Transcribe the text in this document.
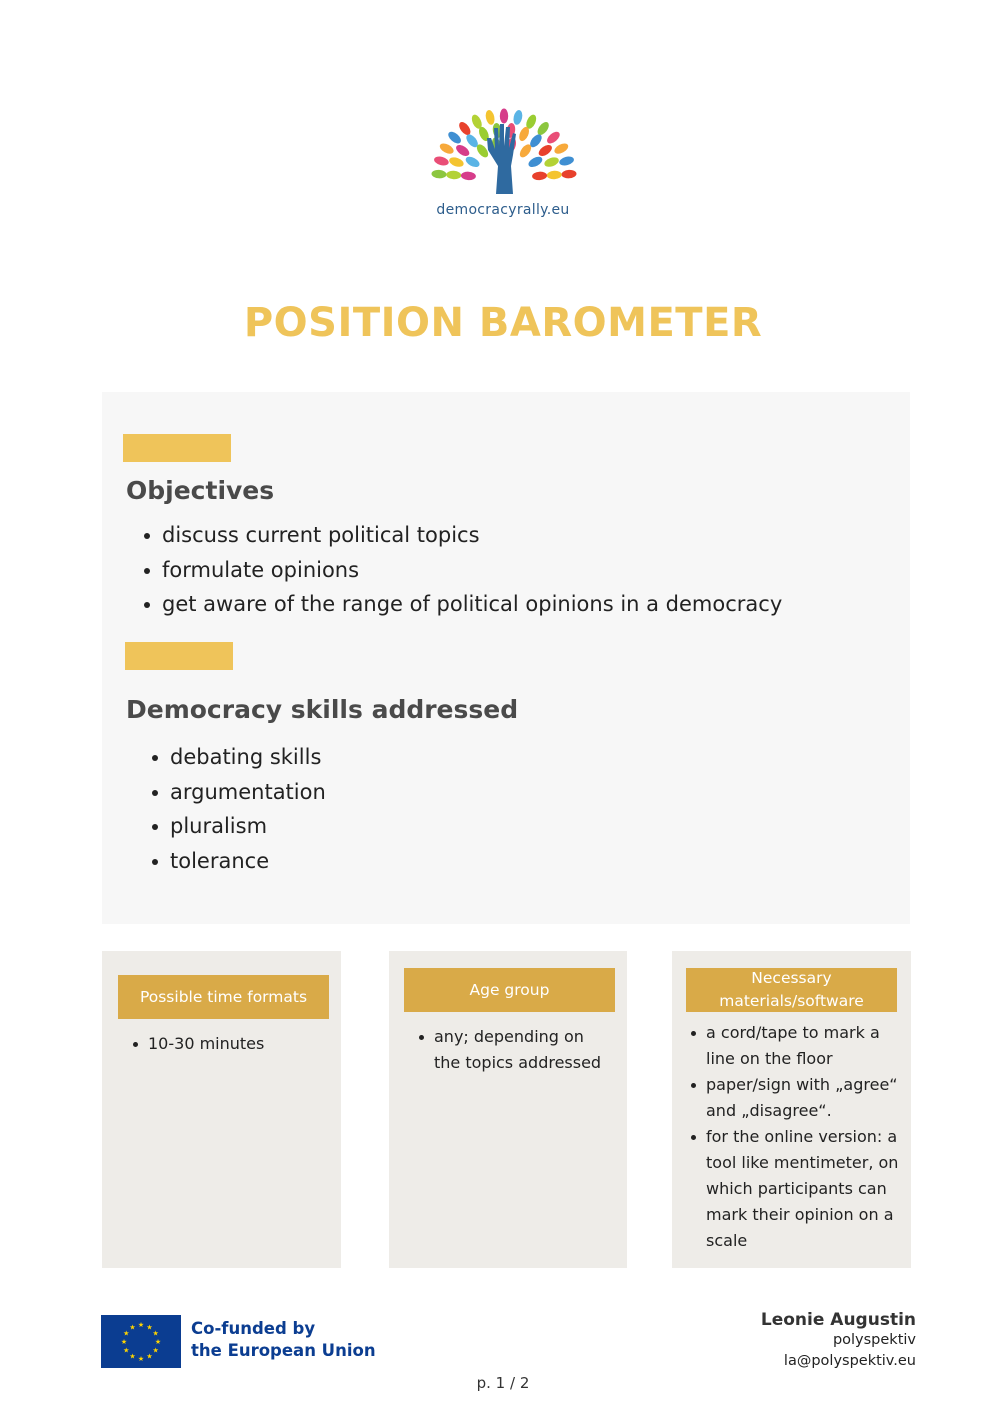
democracyrally.eu
POSITION BAROMETER
Objectives
discuss current political topics
formulate opinions
get aware of the range of political opinions in a democracy
Democracy skills addressed
debating skills
argumentation
pluralism
tolerance
Possible time formats
10-30 minutes
Age group
any; depending on the topics addressed
Necessary
materials/software
a cord/tape to mark a line on the floor
paper/sign with „agree“ and „disagree“.
for the online version: a tool like mentimeter, on which participants can mark their opinion on a scale
★ ★
★
★
★
★
★
★
★
★
★
★	Co-funded by
the European Union
Leonie Augustin
polyspektiv
la@polyspektiv.eu
p. 1 / 2
